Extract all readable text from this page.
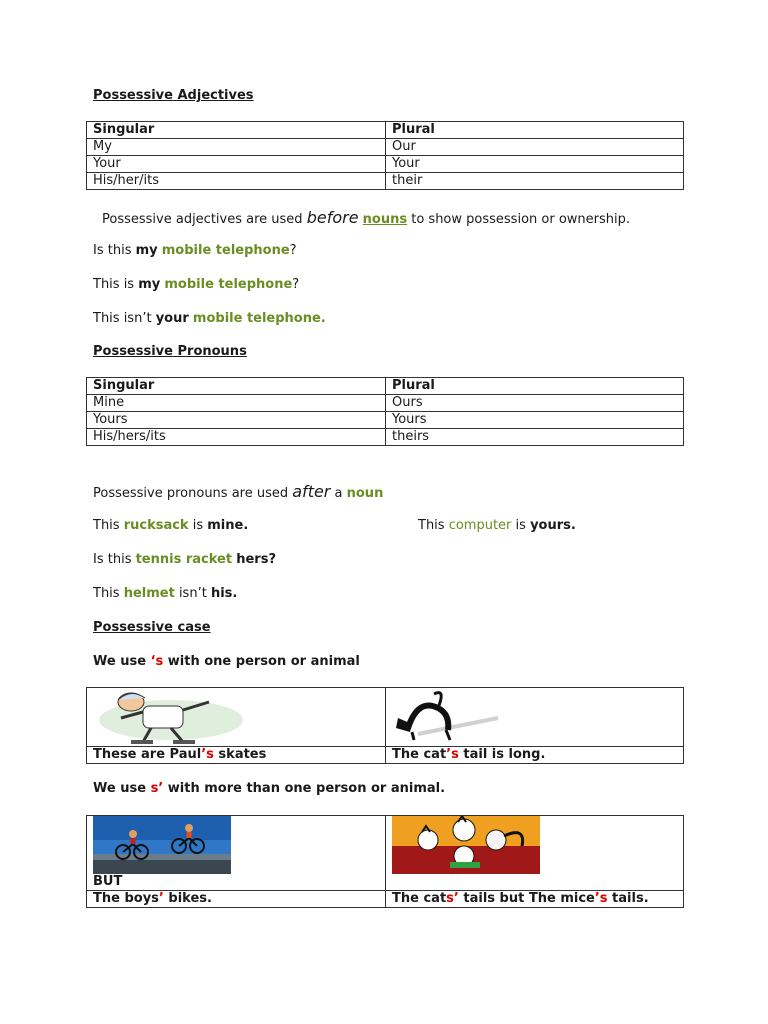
Possessive Adjectives
Singular	Plural
My	Our
Your	Your
His/her/its	their
Possessive adjectives are used before nouns to show possession or ownership.
Is this my mobile telephone?
This is my mobile telephone?
This isn’t your mobile telephone.
Possessive Pronouns
Singular	Plural
Mine	Ours
Yours	Yours
His/hers/its	theirs
Possessive pronouns are used after a noun
This rucksack is mine.	This computer is yours.
Is this tennis racket hers?
This helmet isn’t his.
Possessive case
We use ‘s with one person or animal

These are Paul’s skates	The cat’s tail is long.
We use s’ with more than one person or animal.
BUT

The boys’ bikes.	The cats’ tails but The mice’s tails.
